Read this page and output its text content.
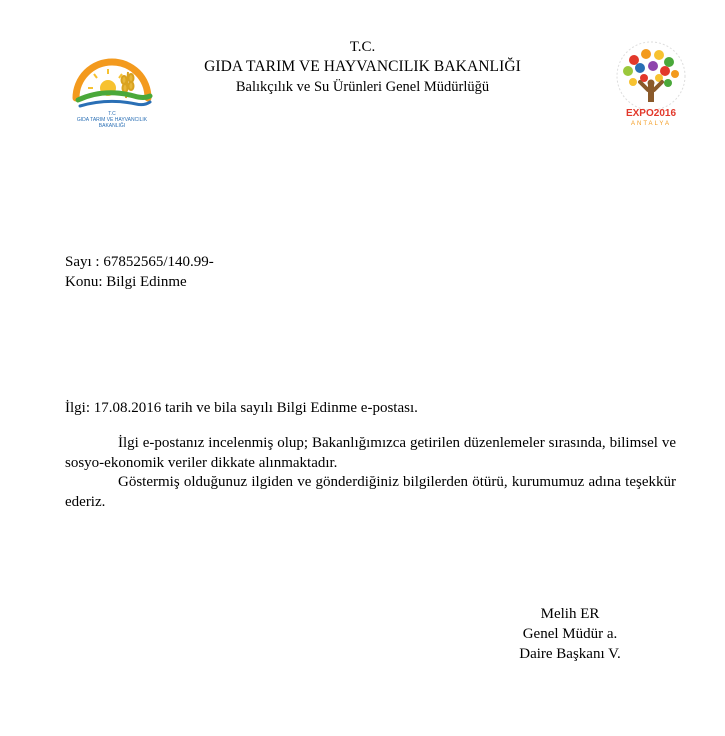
T.C
GIDA TARIM VE HAYVANCILIK
BAKANLIĞI
T.C.
GIDA TARIM VE HAYVANCILIK BAKANLIĞI
Balıkçılık ve Su Ürünleri Genel Müdürlüğü
EXPO2016
ANTALYA
Sayı : 67852565/140.99-
Konu: Bilgi Edinme
İlgi: 17.08.2016 tarih ve bila sayılı Bilgi Edinme e-postası.

İlgi e-postanız incelenmiş olup; Bakanlığımızca getirilen düzenlemeler sırasında, bilimsel ve sosyo-ekonomik veriler dikkate alınmaktadır.

Göstermiş olduğunuz ilgiden ve gönderdiğiniz bilgilerden ötürü, kurumumuz adına teşekkür ederiz.

Melih ER
Genel Müdür a.
Daire Başkanı V.
